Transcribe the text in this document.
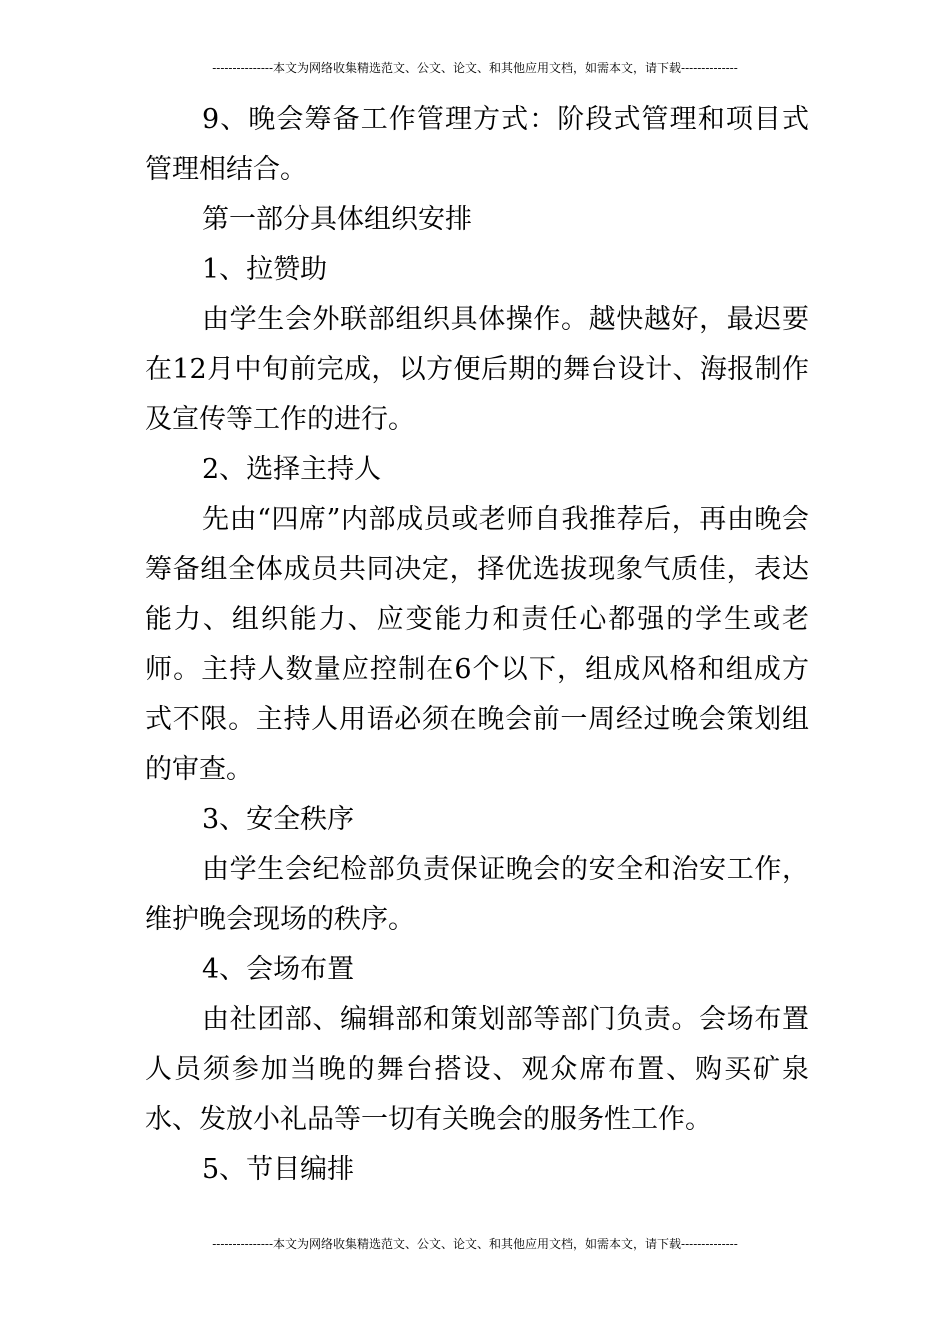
---------------本文为网络收集精选范文、公文、论文、和其他应用文档，如需本文，请下载--------------

9、晚会筹备工作管理方式：阶段式管理和项目式管理相结合。

第一部分具体组织安排

1、拉赞助

由学生会外联部组织具体操作。越快越好，最迟要在12月中旬前完成，以方便后期的舞台设计、海报制作及宣传等工作的进行。

2、选择主持人

先由“四席”内部成员或老师自我推荐后，再由晚会筹备组全体成员共同决定，择优选拔现象气质佳，表达能力、组织能力、应变能力和责任心都强的学生或老师。主持人数量应控制在6个以下，组成风格和组成方式不限。主持人用语必须在晚会前一周经过晚会策划组的审查。

3、安全秩序

由学生会纪检部负责保证晚会的安全和治安工作，维护晚会现场的秩序。

4、会场布置

由社团部、编辑部和策划部等部门负责。会场布置人员须参加当晚的舞台搭设、观众席布置、购买矿泉水、发放小礼品等一切有关晚会的服务性工作。

5、节目编排

---------------本文为网络收集精选范文、公文、论文、和其他应用文档，如需本文，请下载--------------
